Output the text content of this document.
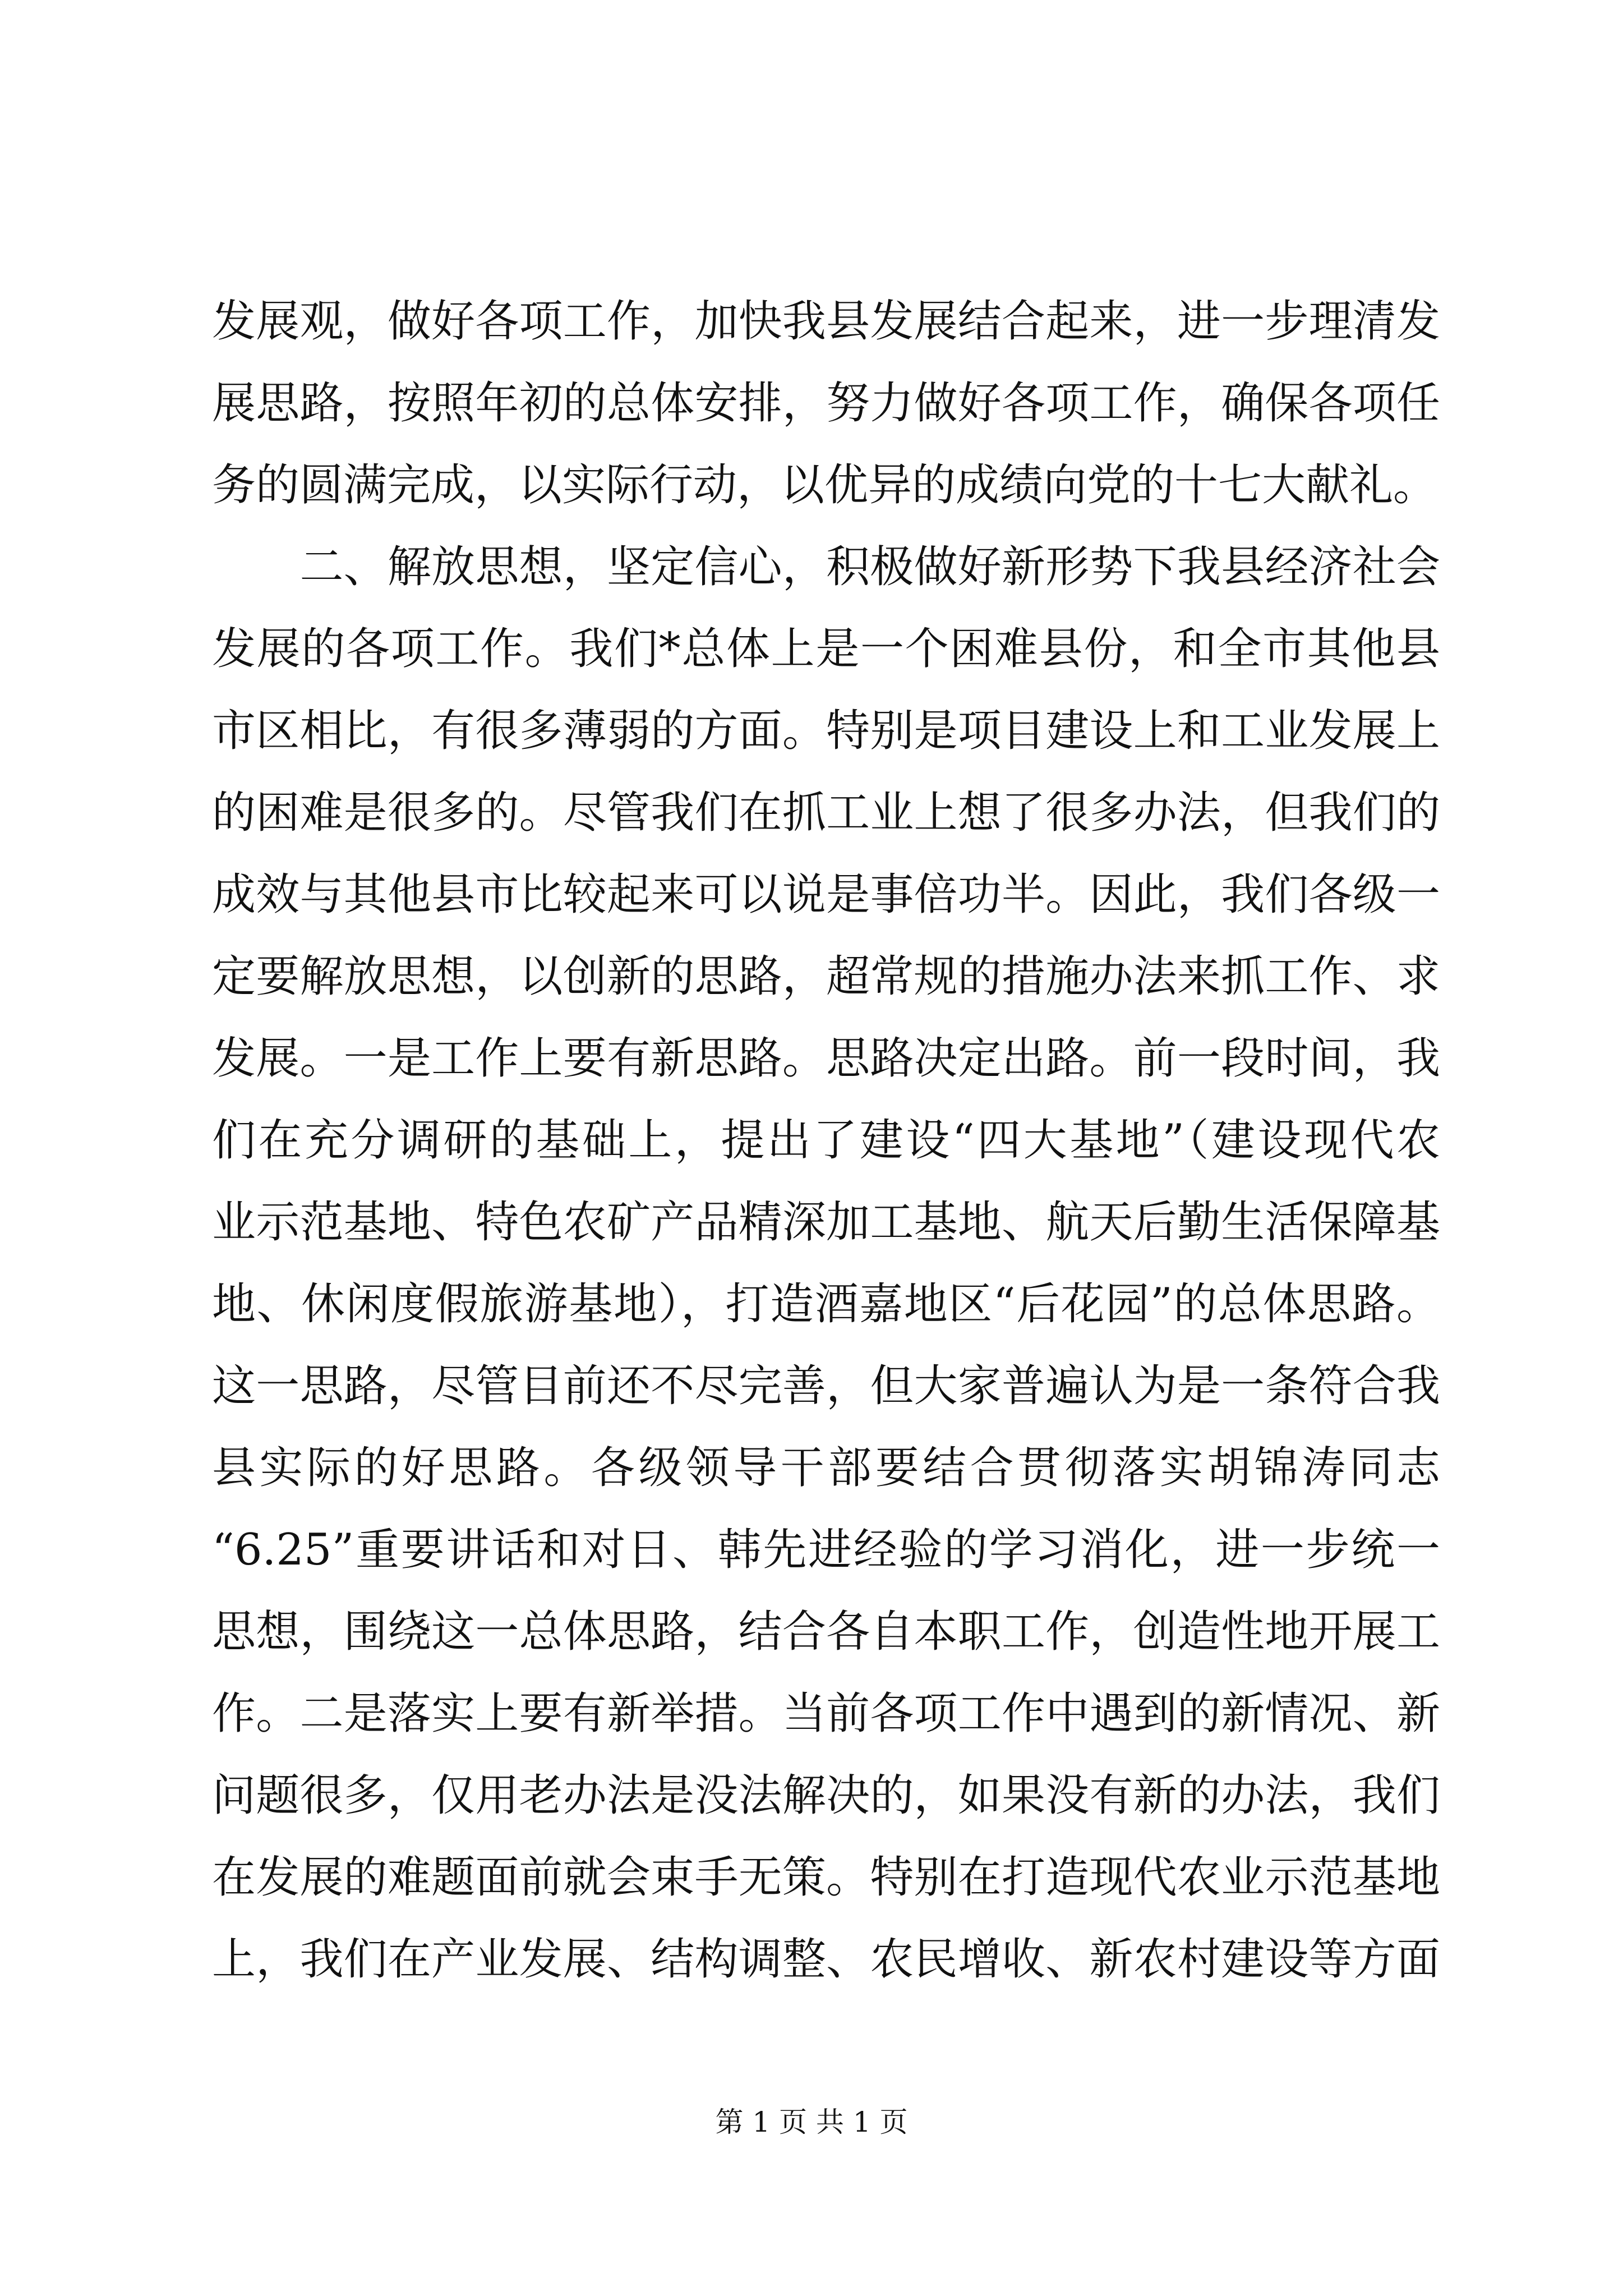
发展观，做好各项工作，加快我县发展结合起来，进一步理清发
展思路，按照年初的总体安排，努力做好各项工作，确保各项任
务的圆满完成，以实际行动，以优异的成绩向党的十七大献礼。
　　二、解放思想，坚定信心，积极做好新形势下我县经济社会
发展的各项工作。我们*总体上是一个困难县份，和全市其他县
市区相比，有很多薄弱的方面。特别是项目建设上和工业发展上
的困难是很多的。尽管我们在抓工业上想了很多办法，但我们的
成效与其他县市比较起来可以说是事倍功半。因此，我们各级一
定要解放思想，以创新的思路，超常规的措施办法来抓工作、求
发展。一是工作上要有新思路。思路决定出路。前一段时间，我
们在充分调研的基础上，提出了建设“四大基地”（建设现代农
业示范基地、特色农矿产品精深加工基地、航天后勤生活保障基
地、休闲度假旅游基地），打造酒嘉地区“后花园”的总体思路。
这一思路，尽管目前还不尽完善，但大家普遍认为是一条符合我
县实际的好思路。各级领导干部要结合贯彻落实胡锦涛同志
“6.25”重要讲话和对日、韩先进经验的学习消化，进一步统一
思想，围绕这一总体思路，结合各自本职工作，创造性地开展工
作。二是落实上要有新举措。当前各项工作中遇到的新情况、新
问题很多，仅用老办法是没法解决的，如果没有新的办法，我们
在发展的难题面前就会束手无策。特别在打造现代农业示范基地
上，我们在产业发展、结构调整、农民增收、新农村建设等方面
第 1 页 共 1 页
